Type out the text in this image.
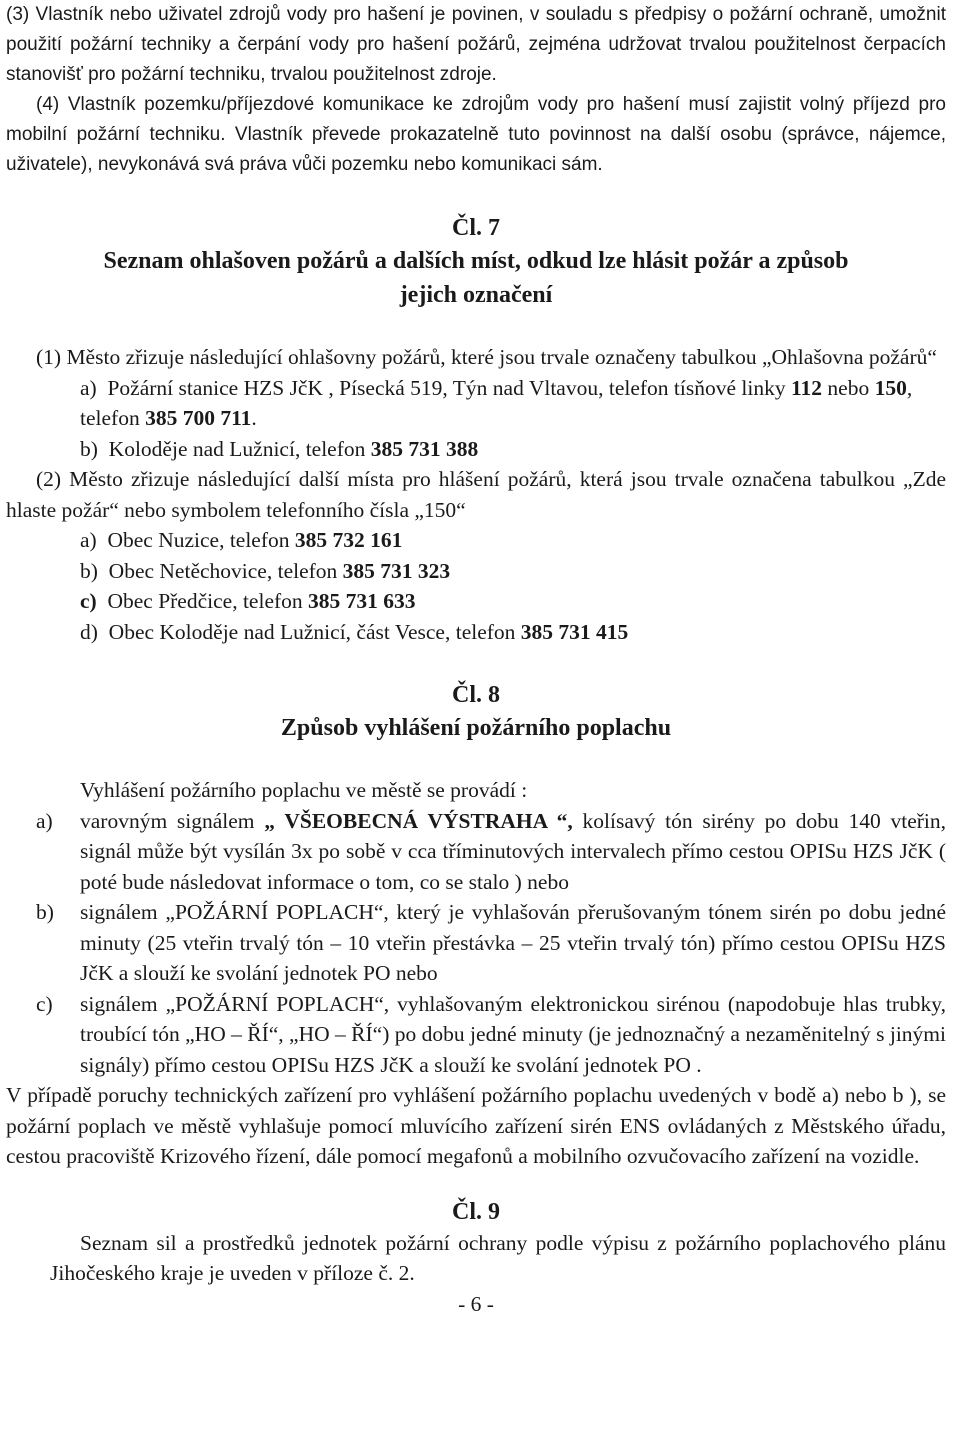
(3) Vlastník nebo uživatel zdrojů vody pro hašení je povinen, v souladu s předpisy o požární ochraně, umožnit použití požární techniky a čerpání vody pro hašení požárů, zejména udržovat trvalou použitelnost čerpacích stanovišť pro požární techniku, trvalou použitelnost zdroje.

(4) Vlastník pozemku/příjezdové komunikace ke zdrojům vody pro hašení musí zajistit volný příjezd pro mobilní požární techniku. Vlastník převede prokazatelně tuto povinnost na další osobu (správce, nájemce, uživatele), nevykonává svá práva vůči pozemku nebo komunikaci sám.

Čl. 7

Seznam ohlašoven požárů a dalších míst, odkud lze hlásit požár a způsob

jejich označení

(1) Město zřizuje následující ohlašovny požárů, které jsou trvale označeny tabulkou „Ohlašovna požárů“

a) Požární stanice HZS JčK , Písecká 519, Týn nad Vltavou, telefon tísňové linky 112 nebo 150, telefon 385 700 711.

b) Koloděje nad Lužnicí, telefon 385 731 388

(2) Město zřizuje následující další místa pro hlášení požárů, která jsou trvale označena tabulkou „Zde hlaste požár“ nebo symbolem telefonního čísla „150“

a) Obec Nuzice, telefon 385 732 161

b) Obec Netěchovice, telefon 385 731 323

c) Obec Předčice, telefon 385 731 633

d) Obec Koloděje nad Lužnicí, část Vesce, telefon 385 731 415

Čl. 8

Způsob vyhlášení požárního poplachu

Vyhlášení požárního poplachu ve městě se provádí :

a)	varovným signálem „ VŠEOBECNÁ VÝSTRAHA “, kolísavý tón sirény po dobu 140 vteřin, signál může být vysílán 3x po sobě v cca tříminutových intervalech přímo cestou OPISu HZS JčK ( poté bude následovat informace o tom, co se stalo ) nebo
b)	signálem „POŽÁRNÍ POPLACH“, který je vyhlašován přerušovaným tónem sirén po dobu jedné minuty (25 vteřin trvalý tón – 10 vteřin přestávka – 25 vteřin trvalý tón) přímo cestou OPISu HZS JčK a slouží ke svolání jednotek PO nebo
c)	signálem „POŽÁRNÍ POPLACH“, vyhlašovaným elektronickou sirénou (napodobuje hlas trubky, troubící tón „HO – ŘÍ“, „HO – ŘÍ“) po dobu jedné minuty (je jednoznačný a nezaměnitelný s jinými signály) přímo cestou OPISu HZS JčK a slouží ke svolání jednotek PO .

V případě poruchy technických zařízení pro vyhlášení požárního poplachu uvedených v bodě a) nebo b ), se požární poplach ve městě vyhlašuje pomocí mluvícího zařízení sirén ENS ovládaných z Městského úřadu, cestou pracoviště Krizového řízení, dále pomocí megafonů a mobilního ozvučovacího zařízení na vozidle.

Čl. 9

Seznam sil a prostředků jednotek požární ochrany podle výpisu z požárního poplachového plánu Jihočeského kraje je uveden v příloze č. 2.

- 6 -
